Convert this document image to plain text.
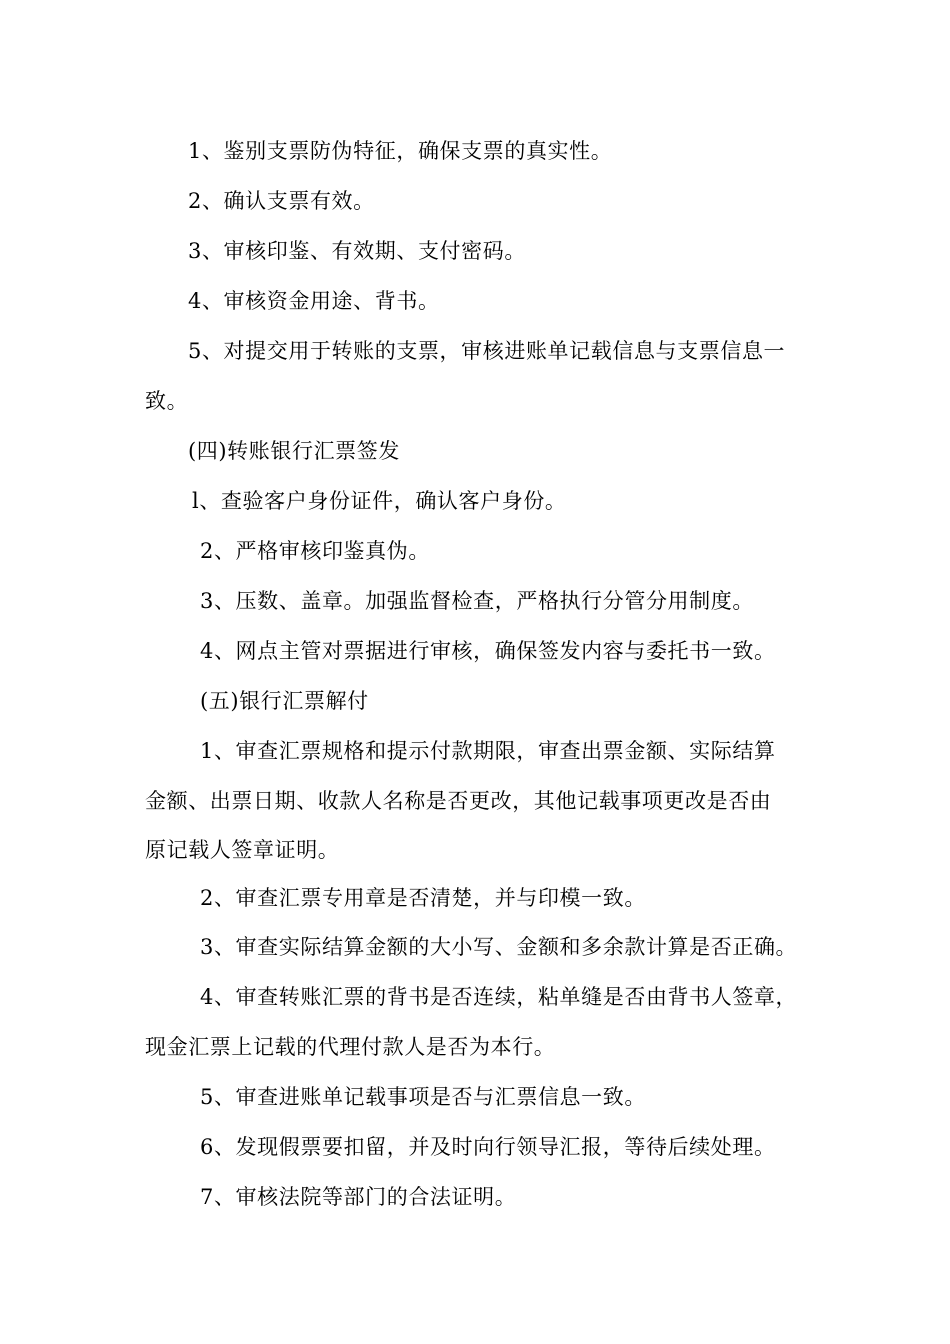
1、鉴别支票防伪特征，确保支票的真实性。
2、确认支票有效。
3、审核印鉴、有效期、支付密码。
4、审核资金用途、背书。
5、对提交用于转账的支票，审核进账单记载信息与支票信息一
致。
(四)转账银行汇票签发
l、查验客户身份证件，确认客户身份。
2、严格审核印鉴真伪。
3、压数、盖章。加强监督检查，严格执行分管分用制度。
4、网点主管对票据进行审核，确保签发内容与委托书一致。
(五)银行汇票解付
1、审查汇票规格和提示付款期限，审查出票金额、实际结算
金额、出票日期、收款人名称是否更改，其他记载事项更改是否由
原记载人签章证明。
2、审查汇票专用章是否清楚，并与印模一致。
3、审查实际结算金额的大小写、金额和多余款计算是否正确。
4、审查转账汇票的背书是否连续，粘单缝是否由背书人签章，
现金汇票上记载的代理付款人是否为本行。
5、审查进账单记载事项是否与汇票信息一致。
6、发现假票要扣留，并及时向行领导汇报，等待后续处理。
7、审核法院等部门的合法证明。
